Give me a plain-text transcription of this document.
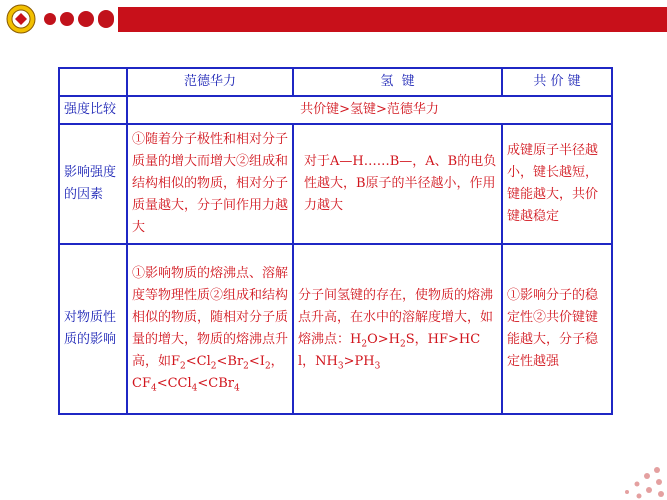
	范德华力	氢  键	共 价 键
强度比较	共价键>氢键>范德华力		
影响强度的因素	①随着分子极性和相对分子质量的增大而增大②组成和结构相似的物质，相对分子质量越大，分子间作用力越大	对于A—H……B—，A、B的电负性越大，B原子的半径越小，作用力越大	成键原子半径越小，键长越短，键能越大，共价键越稳定
对物质性质的影响	①影响物质的熔沸点、溶解度等物理性质②组成和结构相似的物质，随相对分子质量的增大，物质的熔沸点升高，如$F_2<Cl_2<Br_2<I_2$，$CF_4<CCl_4<CBr_4$	分子间氢键的存在，使物质的熔沸点升高，在水中的溶解度增大，如熔沸点：$H_2O>H_2S$，HF>HCl，$NH_3>PH_3$	①影响分子的稳定性②共价键键能越大，分子稳定性越强
